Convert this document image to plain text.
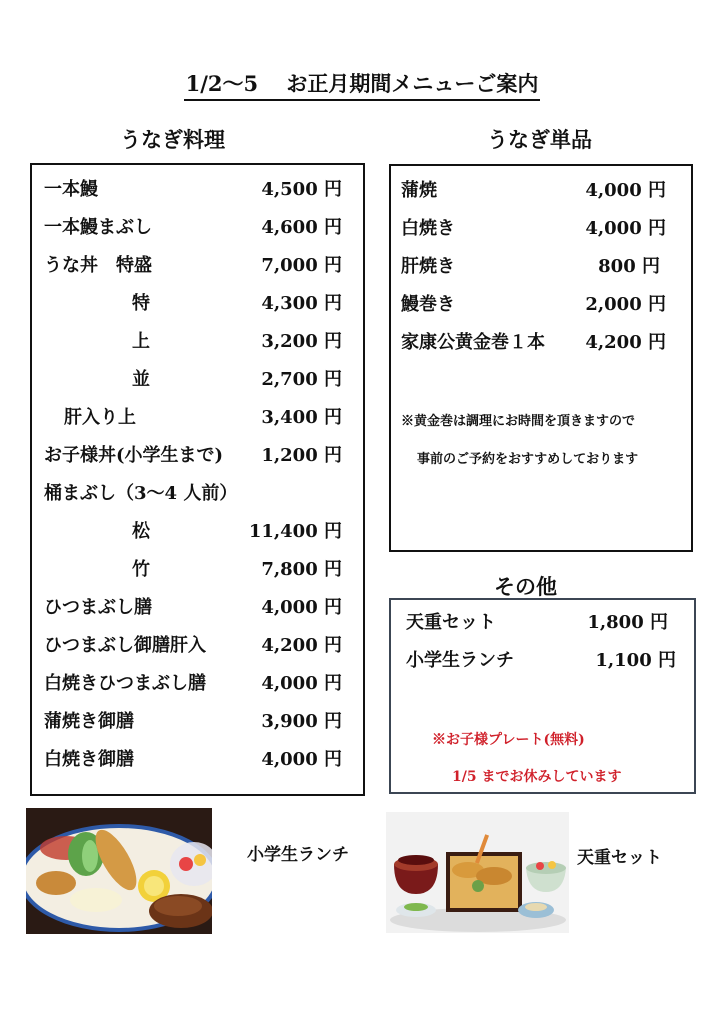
1/2～5　 お正月期間メニューご案内
うなぎ料理
一本鰻	4,500 円
一本鰻まぶし	4,600 円
うな丼　特盛	7,000 円
特	4,300 円
上	3,200 円
並	2,700 円
肝入り上	3,400 円
お子様丼(小学生まで) 1,200 円
桶まぶし（3～4 人前）
松	11,400 円
竹	7,800 円
ひつまぶし膳	4,000 円
ひつまぶし御膳肝入	4,200 円
白焼きひつまぶし膳	4,000 円
蒲焼き御膳	3,900 円
白焼き御膳	4,000 円
うなぎ単品
蒲焼	4,000 円
白焼き	4,000 円
肝焼き	800 円
鰻巻き	2,000 円
家康公黄金巻１本 4,200 円
※黄金巻は調理にお時間を頂きますので
事前のご予約をおすすめしております
その他
天重セット	1,800 円
小学生ランチ	1,100 円
※お子様プレート(無料)
1/5 までお休みしています
小学生ランチ	天重セット
